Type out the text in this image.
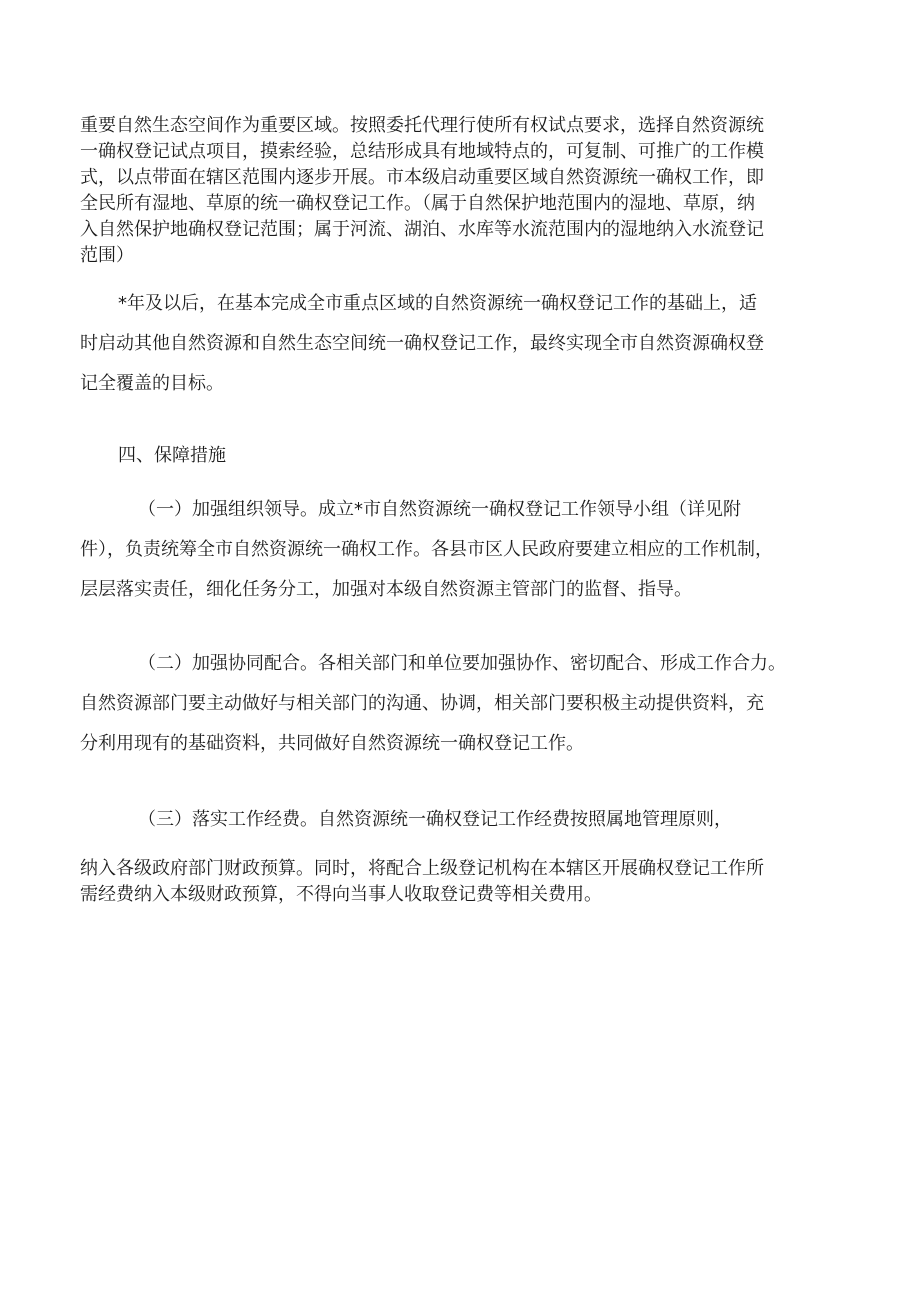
重要自然生态空间作为重要区域。按照委托代理行使所有权试点要求，选择自然资源统
一确权登记试点项目，摸索经验，总结形成具有地域特点的，可复制、可推广的工作模
式，以点带面在辖区范围内逐步开展。市本级启动重要区域自然资源统一确权工作，即
全民所有湿地、草原的统一确权登记工作。（属于自然保护地范围内的湿地、草原，纳
入自然保护地确权登记范围；属于河流、湖泊、水库等水流范围内的湿地纳入水流登记
范围）
*年及以后，在基本完成全市重点区域的自然资源统一确权登记工作的基础上，适
时启动其他自然资源和自然生态空间统一确权登记工作，最终实现全市自然资源确权登
记全覆盖的目标。
四、保障措施
（一）加强组织领导。成立*市自然资源统一确权登记工作领导小组（详见附
件），负责统筹全市自然资源统一确权工作。各县市区人民政府要建立相应的工作机制，
层层落实责任，细化任务分工，加强对本级自然资源主管部门的监督、指导。
（二）加强协同配合。各相关部门和单位要加强协作、密切配合、形成工作合力。
自然资源部门要主动做好与相关部门的沟通、协调，相关部门要积极主动提供资料，充
分利用现有的基础资料，共同做好自然资源统一确权登记工作。
（三）落实工作经费。自然资源统一确权登记工作经费按照属地管理原则，
纳入各级政府部门财政预算。同时，将配合上级登记机构在本辖区开展确权登记工作所
需经费纳入本级财政预算，不得向当事人收取登记费等相关费用。
